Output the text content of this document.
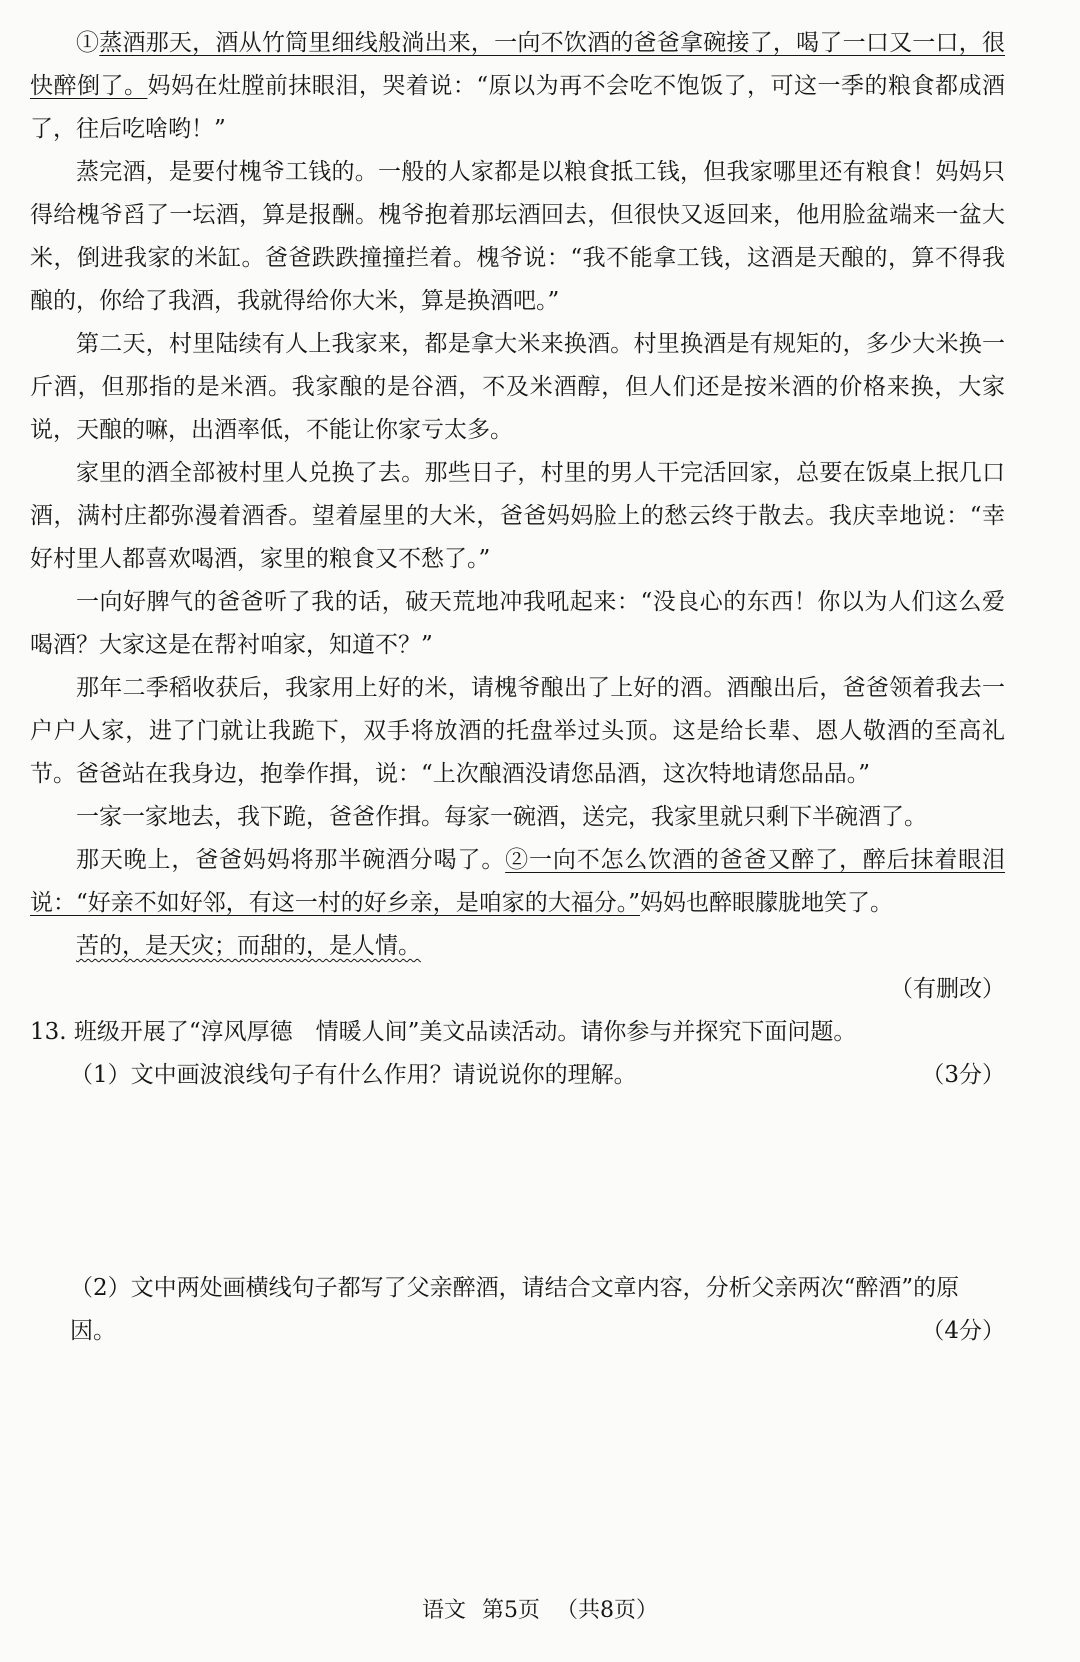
①蒸酒那天，酒从竹筒里细线般淌出来，一向不饮酒的爸爸拿碗接了，喝了一口又一口，很快醉倒了。妈妈在灶膛前抹眼泪，哭着说：“原以为再不会吃不饱饭了，可这一季的粮食都成酒了，往后吃啥哟！”

蒸完酒，是要付槐爷工钱的。一般的人家都是以粮食抵工钱，但我家哪里还有粮食！妈妈只得给槐爷舀了一坛酒，算是报酬。槐爷抱着那坛酒回去，但很快又返回来，他用脸盆端来一盆大米，倒进我家的米缸。爸爸跌跌撞撞拦着。槐爷说：“我不能拿工钱，这酒是天酿的，算不得我酿的，你给了我酒，我就得给你大米，算是换酒吧。”

第二天，村里陆续有人上我家来，都是拿大米来换酒。村里换酒是有规矩的，多少大米换一斤酒，但那指的是米酒。我家酿的是谷酒，不及米酒醇，但人们还是按米酒的价格来换，大家说，天酿的嘛，出酒率低，不能让你家亏太多。

家里的酒全部被村里人兑换了去。那些日子，村里的男人干完活回家，总要在饭桌上抿几口酒，满村庄都弥漫着酒香。望着屋里的大米，爸爸妈妈脸上的愁云终于散去。我庆幸地说：“幸好村里人都喜欢喝酒，家里的粮食又不愁了。”

一向好脾气的爸爸听了我的话，破天荒地冲我吼起来：“没良心的东西！你以为人们这么爱喝酒？大家这是在帮衬咱家，知道不？”

那年二季稻收获后，我家用上好的米，请槐爷酿出了上好的酒。酒酿出后，爸爸领着我去一户户人家，进了门就让我跪下，双手将放酒的托盘举过头顶。这是给长辈、恩人敬酒的至高礼节。爸爸站在我身边，抱拳作揖，说：“上次酿酒没请您品酒，这次特地请您品品。”

一家一家地去，我下跪，爸爸作揖。每家一碗酒，送完，我家里就只剩下半碗酒了。

那天晚上，爸爸妈妈将那半碗酒分喝了。②一向不怎么饮酒的爸爸又醉了，醉后抹着眼泪说：“好亲不如好邻，有这一村的好乡亲，是咱家的大福分。”妈妈也醉眼朦胧地笑了。

苦的，是天灾；而甜的，是人情。

（有删改）

13. 班级开展了“淳风厚德　情暖人间”美文品读活动。请你参与并探究下面问题。

（1）文中画波浪线句子有什么作用？请说说你的理解。	（3分）

（2）文中两处画横线句子都写了父亲醉酒，请结合文章内容，分析父亲两次“醉酒”的原因。	（4分）

语文 第5页 （共8页）
